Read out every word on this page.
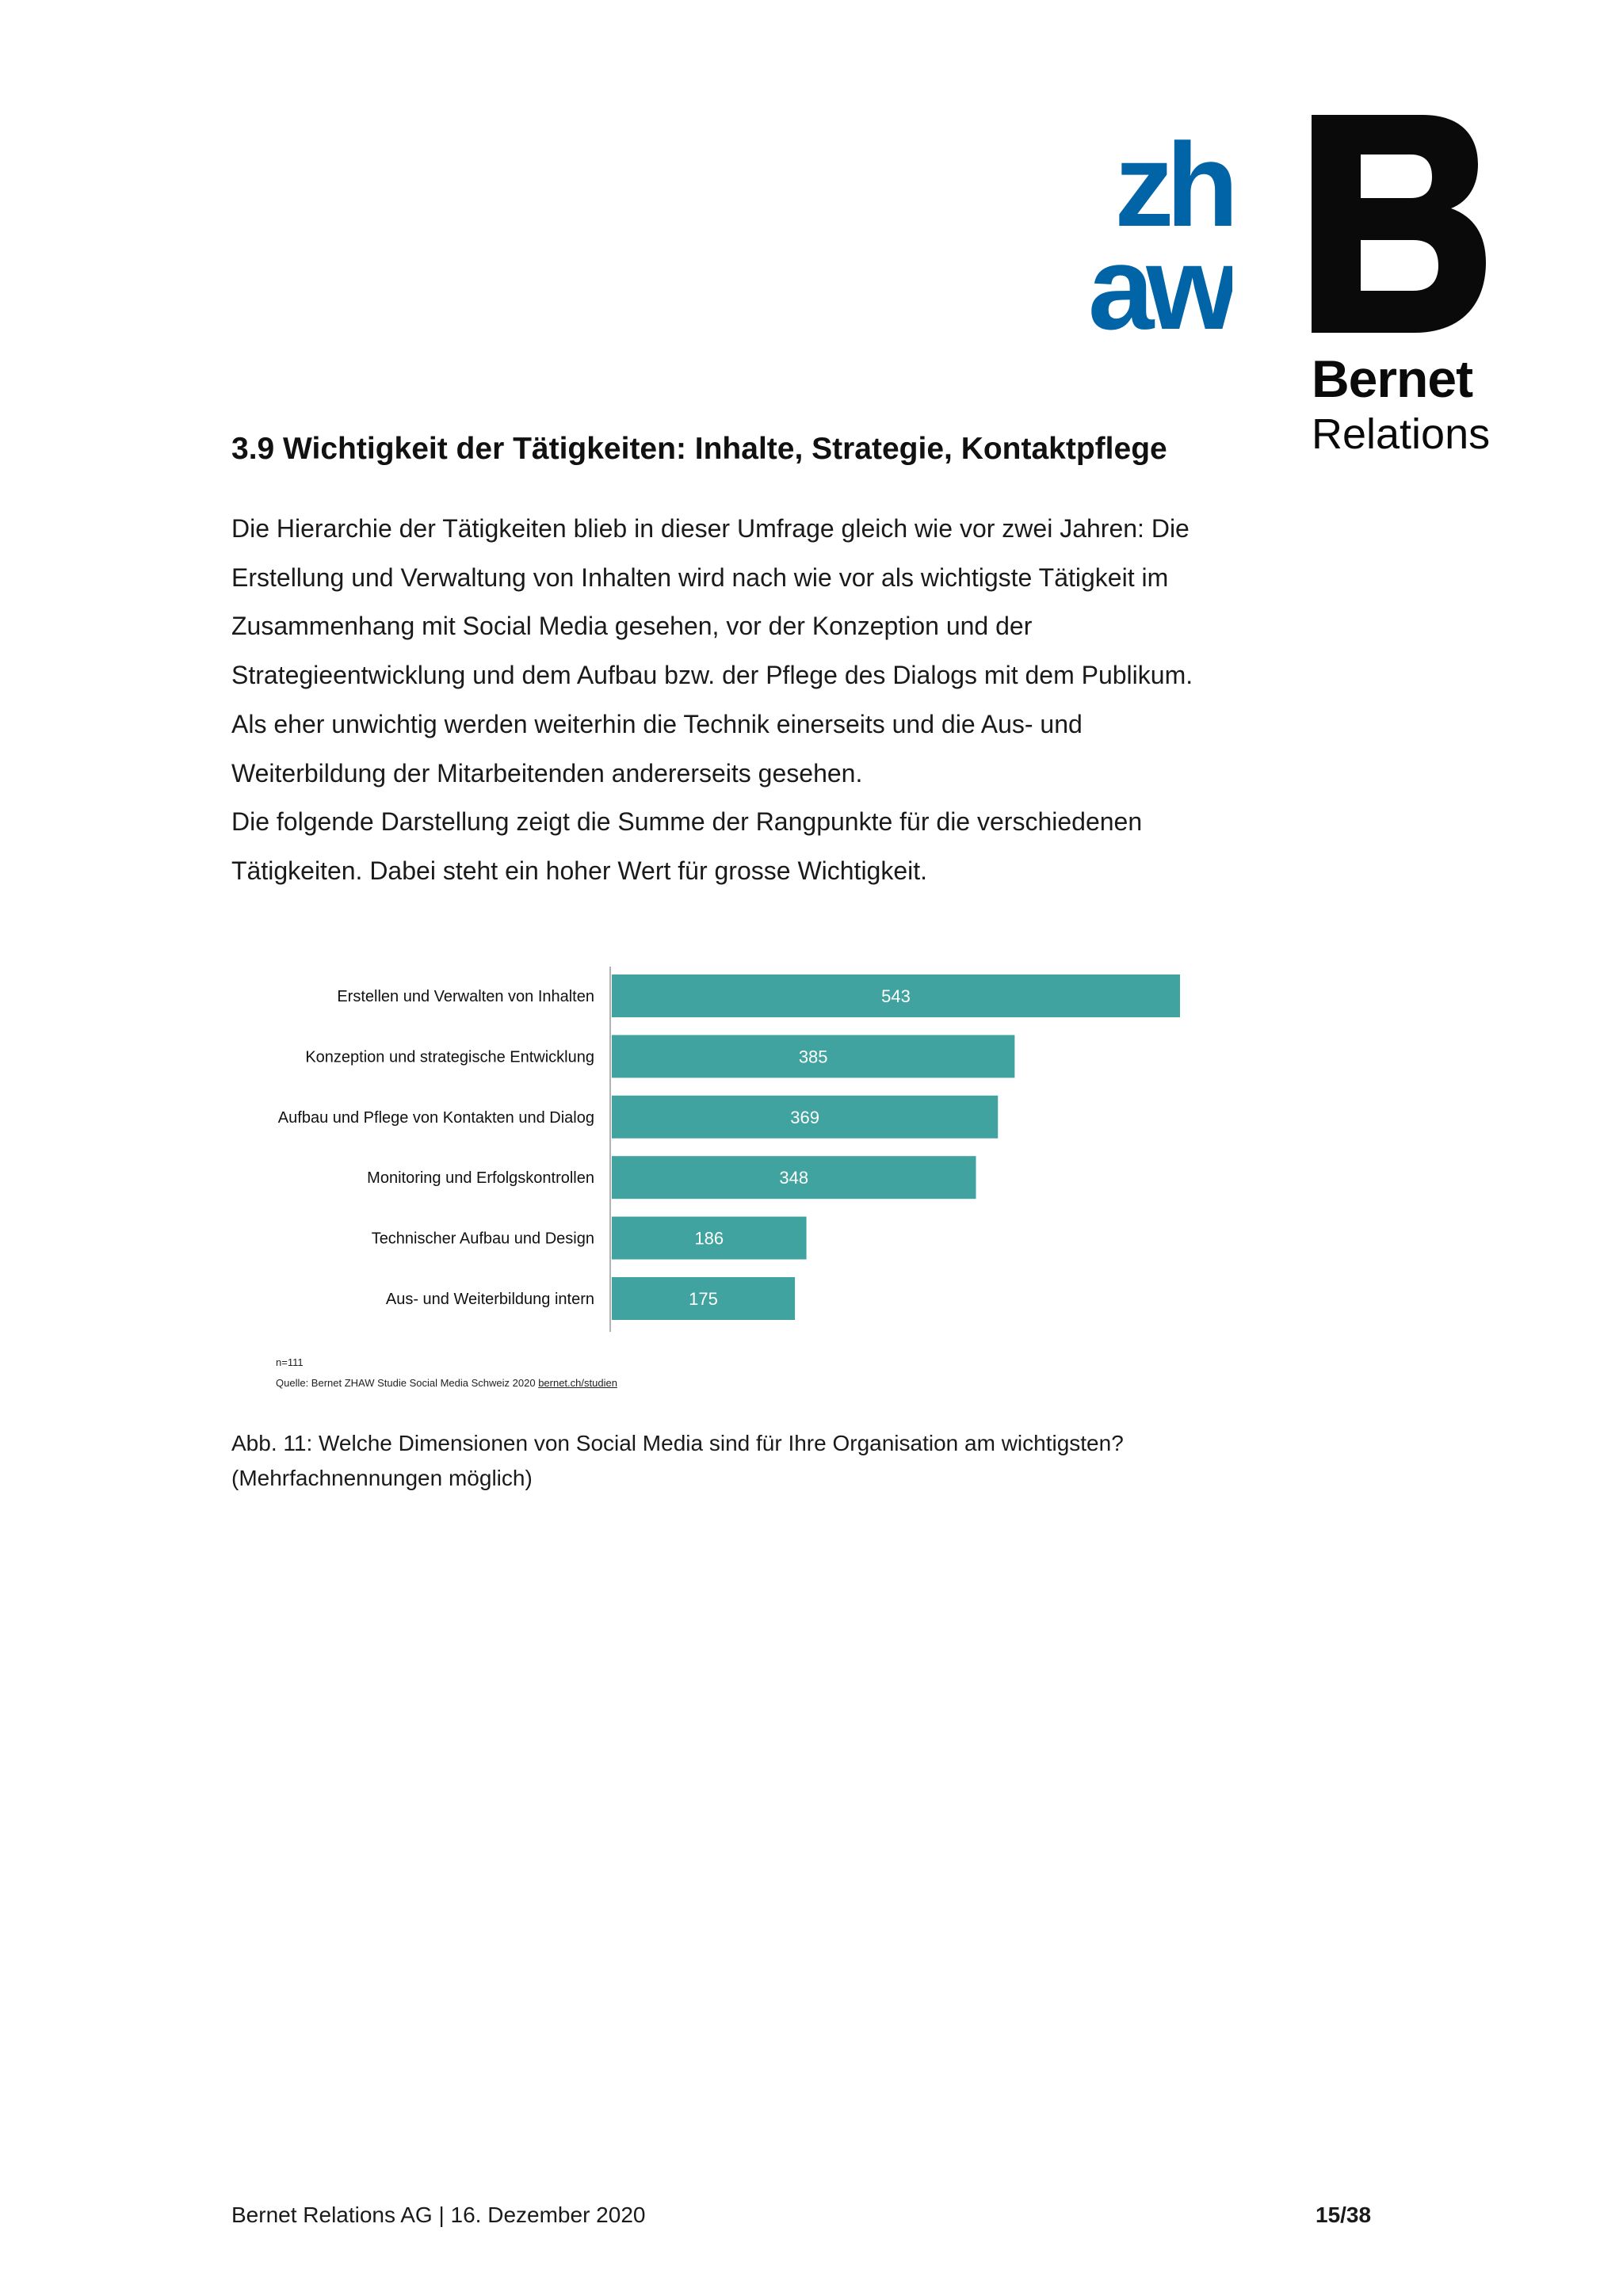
zh
aw
Bernet
Relations
3.9 Wichtigkeit der Tätigkeiten: Inhalte, Strategie, Kontaktpflege

Die Hierarchie der Tätigkeiten blieb in dieser Umfrage gleich wie vor zwei Jahren: Die

Erstellung und Verwaltung von Inhalten wird nach wie vor als wichtigste Tätigkeit im

Zusammenhang mit Social Media gesehen, vor der Konzeption und der

Strategieentwicklung und dem Aufbau bzw. der Pflege des Dialogs mit dem Publikum.

Als eher unwichtig werden weiterhin die Technik einerseits und die Aus- und

Weiterbildung der Mitarbeitenden andererseits gesehen.

Die folgende Darstellung zeigt die Summe der Rangpunkte für die verschiedenen

Tätigkeiten. Dabei steht ein hoher Wert für grosse Wichtigkeit.

Erstellen und Verwalten von Inhalten	543
Konzeption und strategische Entwicklung	385
Aufbau und Pflege von Kontakten und Dialog	369
Monitoring und Erfolgskontrollen	348
Technischer Aufbau und Design	186
Aus- und Weiterbildung intern	175
n=111
Quelle: Bernet ZHAW Studie Social Media Schweiz 2020 bernet.ch/studien
Abb. 11: Welche Dimensionen von Social Media sind für Ihre Organisation am wichtigsten?
(Mehrfachnennungen möglich)
Bernet Relations AG | 16. Dezember 2020	15/38
